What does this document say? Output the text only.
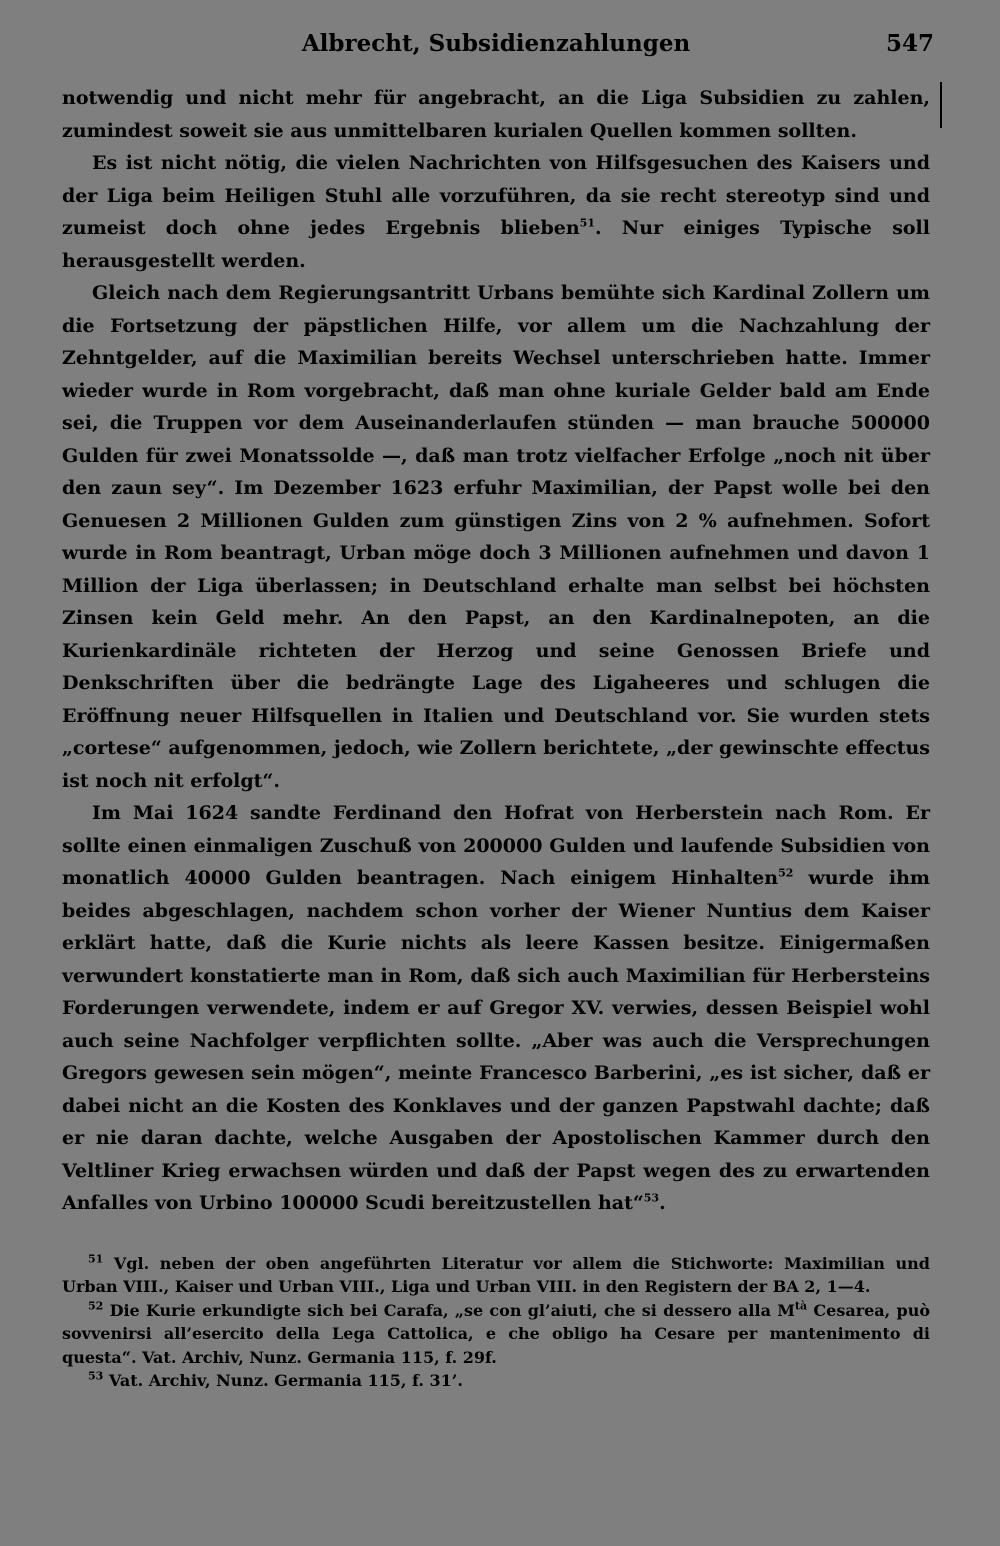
Albrecht, Subsidienzahlungen	547

notwendig und nicht mehr für angebracht, an die Liga Subsidien zu zahlen, zumindest soweit sie aus unmittelbaren kurialen Quellen kommen sollten.

Es ist nicht nötig, die vielen Nachrichten von Hilfsgesuchen des Kaisers und der Liga beim Heiligen Stuhl alle vorzuführen, da sie recht stereotyp sind und zumeist doch ohne jedes Ergebnis blieben$^{51}$. Nur einiges Typische soll herausgestellt werden.

Gleich nach dem Regierungsantritt Urbans bemühte sich Kardinal Zollern um die Fortsetzung der päpstlichen Hilfe, vor allem um die Nachzahlung der Zehntgelder, auf die Maximilian bereits Wechsel unterschrieben hatte. Immer wieder wurde in Rom vorgebracht, daß man ohne kuriale Gelder bald am Ende sei, die Truppen vor dem Auseinanderlaufen stünden — man brauche 500000 Gulden für zwei Monatssolde —, daß man trotz vielfacher Erfolge „noch nit über den zaun sey“. Im Dezember 1623 erfuhr Maximilian, der Papst wolle bei den Genuesen 2 Millionen Gulden zum günstigen Zins von 2 % aufnehmen. Sofort wurde in Rom beantragt, Urban möge doch 3 Millionen aufnehmen und davon 1 Million der Liga überlassen; in Deutschland erhalte man selbst bei höchsten Zinsen kein Geld mehr. An den Papst, an den Kardinalnepoten, an die Kurienkardinäle richteten der Herzog und seine Genossen Briefe und Denkschriften über die bedrängte Lage des Ligaheeres und schlugen die Eröffnung neuer Hilfsquellen in Italien und Deutschland vor. Sie wurden stets „cortese“ aufgenommen, jedoch, wie Zollern berichtete, „der gewinschte effectus ist noch nit erfolgt“.

Im Mai 1624 sandte Ferdinand den Hofrat von Herberstein nach Rom. Er sollte einen einmaligen Zuschuß von 200000 Gulden und laufende Subsidien von monatlich 40000 Gulden beantragen. Nach einigem Hinhalten$^{52}$ wurde ihm beides abgeschlagen, nachdem schon vorher der Wiener Nuntius dem Kaiser erklärt hatte, daß die Kurie nichts als leere Kassen besitze. Einigermaßen verwundert konstatierte man in Rom, daß sich auch Maximilian für Herbersteins Forderungen verwendete, indem er auf Gregor XV. verwies, dessen Beispiel wohl auch seine Nachfolger verpflichten sollte. „Aber was auch die Versprechungen Gregors gewesen sein mögen“, meinte Francesco Barberini, „es ist sicher, daß er dabei nicht an die Kosten des Konklaves und der ganzen Papstwahl dachte; daß er nie daran dachte, welche Ausgaben der Apostolischen Kammer durch den Veltliner Krieg erwachsen würden und daß der Papst wegen des zu erwartenden Anfalles von Urbino 100000 Scudi bereitzustellen hat“$^{53}$.

$^{51}$ Vgl. neben der oben angeführten Literatur vor allem die Stichworte: Maximilian und Urban VIII., Kaiser und Urban VIII., Liga und Urban VIII. in den Registern der BA 2, 1—4.

$^{52}$ Die Kurie erkundigte sich bei Carafa, „se con gl’aiuti, che si dessero alla $M^{tà}$ Cesarea, può sovvenirsi all’esercito della Lega Cattolica, e che obligo ha Cesare per mantenimento di questa“. Vat. Archiv, Nunz. Germania 115, f. 29f.

$^{53}$ Vat. Archiv, Nunz. Germania 115, f. 31’.
